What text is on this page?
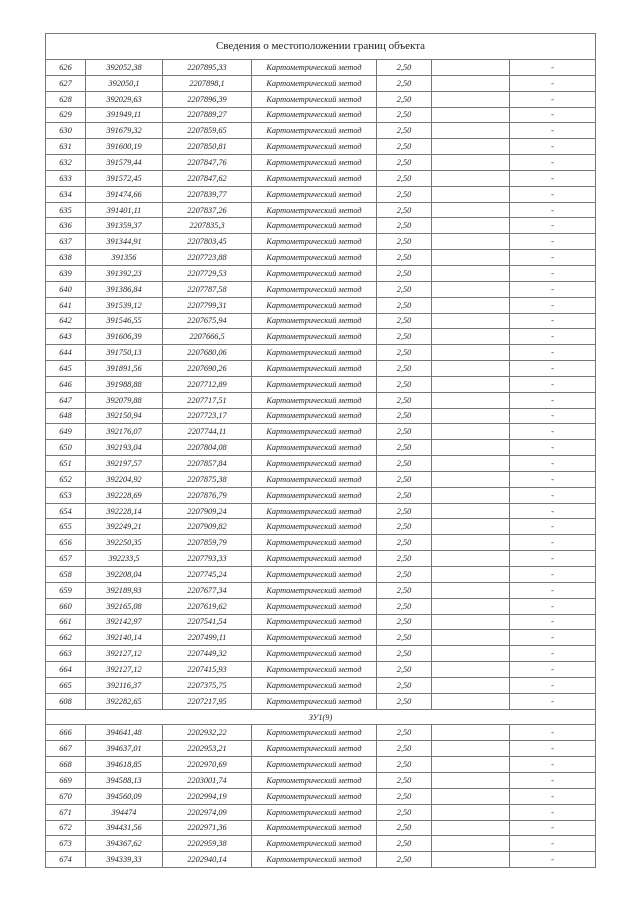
Сведения о местоположении границ объекта						
626	392052,38	2207895,33	Картометрический метод	2,50		-
627	392050,1	2207898,1	Картометрический метод	2,50		-
628	392029,63	2207896,39	Картометрический метод	2,50		-
629	391949,11	2207889,27	Картометрический метод	2,50		-
630	391679,32	2207859,65	Картометрический метод	2,50		-
631	391600,19	2207850,81	Картометрический метод	2,50		-
632	391579,44	2207847,76	Картометрический метод	2,50		-
633	391572,45	2207847,62	Картометрический метод	2,50		-
634	391474,66	2207839,77	Картометрический метод	2,50		-
635	391401,11	2207837,26	Картометрический метод	2,50		-
636	391359,37	2207835,3	Картометрический метод	2,50		-
637	391344,91	2207803,45	Картометрический метод	2,50		-
638	391356	2207723,88	Картометрический метод	2,50		-
639	391392,23	2207729,53	Картометрический метод	2,50		-
640	391386,84	2207787,58	Картометрический метод	2,50		-
641	391539,12	2207799,31	Картометрический метод	2,50		-
642	391546,55	2207675,94	Картометрический метод	2,50		-
643	391606,39	2207666,5	Картометрический метод	2,50		-
644	391750,13	2207680,06	Картометрический метод	2,50		-
645	391891,56	2207690,26	Картометрический метод	2,50		-
646	391988,88	2207712,89	Картометрический метод	2,50		-
647	392079,88	2207717,51	Картометрический метод	2,50		-
648	392150,94	2207723,17	Картометрический метод	2,50		-
649	392176,07	2207744,11	Картометрический метод	2,50		-
650	392193,04	2207804,08	Картометрический метод	2,50		-
651	392197,57	2207857,84	Картометрический метод	2,50		-
652	392204,92	2207875,38	Картометрический метод	2,50		-
653	392228,69	2207876,79	Картометрический метод	2,50		-
654	392228,14	2207909,24	Картометрический метод	2,50		-
655	392249,21	2207909,82	Картометрический метод	2,50		-
656	392250,35	2207859,79	Картометрический метод	2,50		-
657	392233,5	2207793,33	Картометрический метод	2,50		-
658	392208,04	2207745,24	Картометрический метод	2,50		-
659	392189,93	2207677,34	Картометрический метод	2,50		-
660	392165,08	2207619,62	Картометрический метод	2,50		-
661	392142,97	2207541,54	Картометрический метод	2,50		-
662	392140,14	2207499,11	Картометрический метод	2,50		-
663	392127,12	2207449,32	Картометрический метод	2,50		-
664	392127,12	2207415,93	Картометрический метод	2,50		-
665	392116,37	2207375,75	Картометрический метод	2,50		-
608	392282,65	2207217,95	Картометрический метод	2,50		-
ЗУ1(9)						
666	394641,48	2202932,22	Картометрический метод	2,50		-
667	394637,01	2202953,21	Картометрический метод	2,50		-
668	394618,85	2202970,69	Картометрический метод	2,50		-
669	394588,13	2203001,74	Картометрический метод	2,50		-
670	394560,09	2202994,19	Картометрический метод	2,50		-
671	394474	2202974,09	Картометрический метод	2,50		-
672	394431,56	2202971,36	Картометрический метод	2,50		-
673	394367,62	2202959,38	Картометрический метод	2,50		-
674	394339,33	2202940,14	Картометрический метод	2,50		-
